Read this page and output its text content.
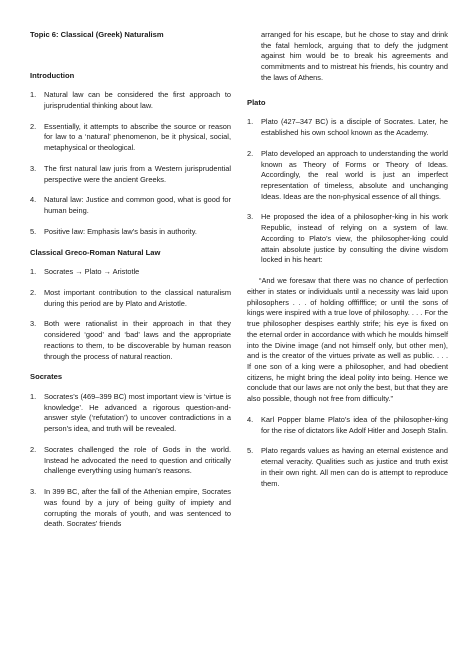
Topic 6: Classical (Greek) Naturalism
Introduction
1.	Natural law can be considered the first approach to jurisprudential thinking about law.
2.	Essentially, it attempts to abscribe the source or reason for law to a ‘natural’ phenomenon, be it physical, social, metaphysical or theological.
3.	The first natural law juris from a Western jurisprudential perspective were the ancient Greeks.
4.	Natural law: Justice and common good, what is good for human being.
5.	Positive law: Emphasis law’s basis in authority.
Classical Greco-Roman Natural Law
1.	Socrates → Plato → Aristotle
2.	Most important contribution to the classical naturalism during this period are by Plato and Aristotle.
3.	Both were rationalist in their approach in that they considered ‘good’ and ‘bad’ laws and the appropriate reactions to them, to be discoverable by human reason through the process of natural reaction.
Socrates
1.	Socrates’s (469–399 BC) most important view is ‘virtue is knowledge’. He advanced a rigorous question-and-answer style (‘refutation’) to uncover contradictions in a person’s idea, and truth will be revealed.
2.	Socrates challenged the role of Gods in the world. Instead he advocated the need to question and critically challenge everything using human’s reasons.
3.	In 399 BC, after the fall of the Athenian empire, Socrates was found by a jury of being guilty of impiety and corrupting the morals of youth, and was sentenced to death. Socrates’ friends

arranged for his escape, but he chose to stay and drink the fatal hemlock, arguing that to defy the judgment against him would be to break his agreements and commitments and to mistreat his friends, his country and the laws of Athens.

Plato
1.	Plato (427–347 BC) is a disciple of Socrates. Later, he established his own school known as the Academy.
2.	Plato developed an approach to understanding the world known as Theory of Forms or Theory of Ideas. Accordingly, the real world is just an imperfect representation of timeless, absolute and unchanging Ideas. Ideas are the non-physical essence of all things.
3.	He proposed the idea of a philosopher-king in his work Republic, instead of relying on a system of law. According to Plato’s view, the philosopher-king could attain absolute justice by consulting the divine wisdom locked in his heart:

“And we foresaw that there was no chance of perfection either in states or individuals until a necessity was laid upon philosophers . . . of holding offfifffice; or until the sons of kings were inspired with a true love of philosophy. . . . For the true philosopher despises earthly strife; his eye is fixed on the eternal order in accordance with which he moulds himself into the Divine image (and not himself only, but other men), and is the creator of the virtues private as well as public. . . . If one son of a king were a philosopher, and had obedient citizens, he might bring the ideal polity into being. Hence we conclude that our laws are not only the best, but that they are also possible, though not free from difficulty.”

4.	Karl Popper blame Plato’s idea of the philosopher-king for the rise of dictators like Adolf Hitler and Joseph Stalin.
5.	Plato regards values as having an eternal existence and eternal veracity. Qualities such as justice and truth exist in their own right. All men can do is attempt to reproduce them.
